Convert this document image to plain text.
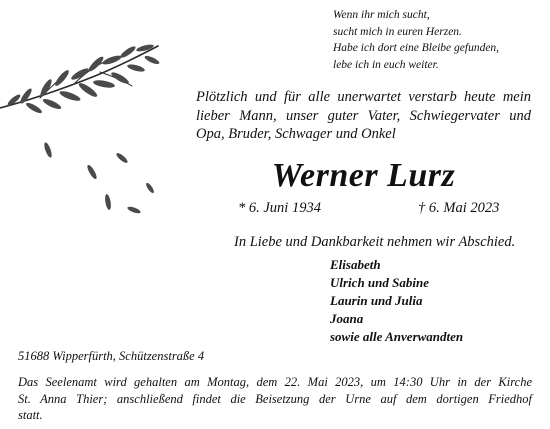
Wenn ihr mich sucht,
sucht mich in euren Herzen.
Habe ich dort eine Bleibe gefunden,
lebe ich in euch weiter.
Plötzlich und für alle unerwartet verstarb heute mein
lieber Mann, unser guter Vater, Schwiegervater und
Opa, Bruder, Schwager und Onkel
Werner Lurz
* 6. Juni 1934	† 6. Mai 2023
In Liebe und Dankbarkeit nehmen wir Abschied.
Elisabeth
Ulrich und Sabine
Laurin und Julia
Joana
sowie alle Anverwandten
51688 Wipperfürth, Schützenstraße 4
Das Seelenamt wird gehalten am Montag, dem 22. Mai 2023, um 14:30 Uhr in der Kirche
St. Anna Thier; anschließend findet die Beisetzung der Urne auf dem dortigen Friedhof
statt.
